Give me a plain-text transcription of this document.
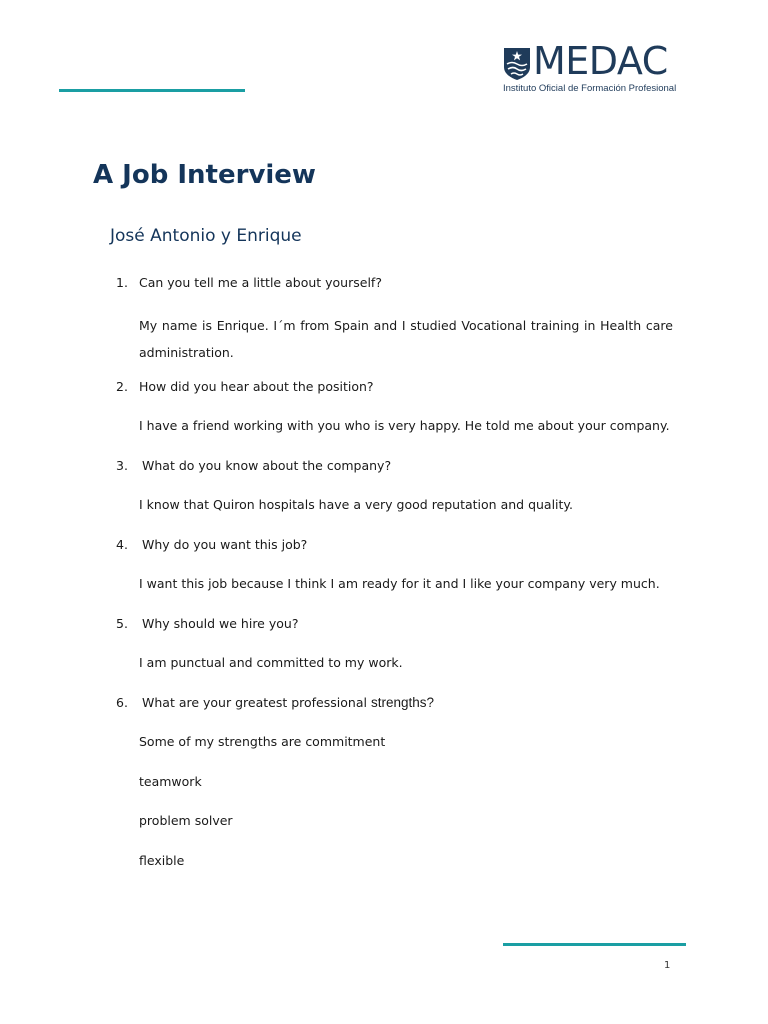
MEDAC
Instituto Oficial de Formación Profesional
A Job Interview
José Antonio y Enrique
1. Can you tell me a little about yourself?

My name is Enrique. I´m from Spain and I studied Vocational training in Health care administration.

2. How did you hear about the position?
I have a friend working with you who is very happy. He told me about your company.
3. What do you know about the company?
I know that Quiron hospitals have a very good reputation and quality.
4. Why do you want this job?
I want this job because I think I am ready for it and I like your company very much.
5. Why should we hire you?
I am punctual and committed to my work.
6. What are your greatest professional strengths?
Some of my strengths are commitment
teamwork
problem solver
flexible
1
